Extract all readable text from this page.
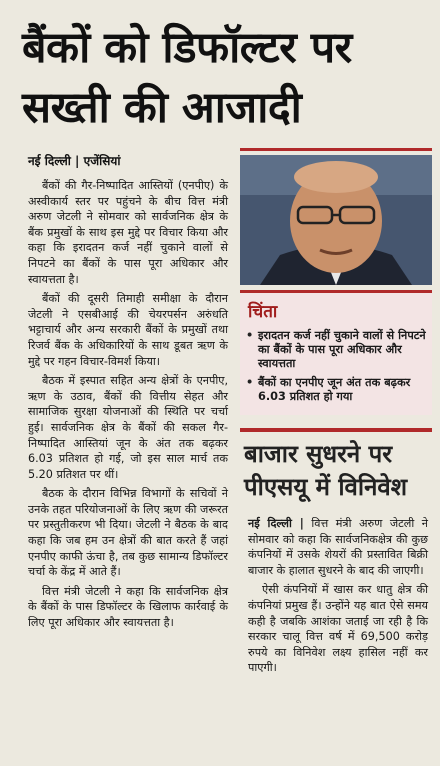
बैंकों को डिफॉल्टर पर
सख्ती की आजादी
नई दिल्ली | एजेंसियां

बैंकों की गैर-निष्पादित आस्तियों (एनपीए) के अस्वीकार्य स्तर पर पहुंचने के बीच वित्त मंत्री अरुण जेटली ने सोमवार को सार्वजनिक क्षेत्र के बैंक प्रमुखों के साथ इस मुद्दे पर विचार किया और कहा कि इरादतन कर्ज नहीं चुकाने वालों से निपटने का बैंकों के पास पूरा अधिकार और स्वायत्तता है।

बैंकों की दूसरी तिमाही समीक्षा के दौरान जेटली ने एसबीआई की चेयरपर्सन अरुंधति भट्टाचार्य और अन्य सरकारी बैंकों के प्रमुखों तथा रिजर्व बैंक के अधिकारियों के साथ डूबत ऋण के मुद्दे पर गहन विचार-विमर्श किया।

बैठक में इस्पात सहित अन्य क्षेत्रों के एनपीए, ऋण के उठाव, बैंकों की वित्तीय सेहत और सामाजिक सुरक्षा योजनाओं की स्थिति पर चर्चा हुई। सार्वजनिक क्षेत्र के बैंकों की सकल गैर-निष्पादित आस्तियां जून के अंत तक बढ़कर 6.03 प्रतिशत हो गई, जो इस साल मार्च तक 5.20 प्रतिशत पर थीं।

बैठक के दौरान विभिन्न विभागों के सचिवों ने उनके तहत परियोजनाओं के लिए ऋण की जरूरत पर प्रस्तुतीकरण भी दिया। जेटली ने बैठक के बाद कहा कि जब हम उन क्षेत्रों की बात करते हैं जहां एनपीए काफी ऊंचा है, तब कुछ सामान्य डिफॉल्टर चर्चा के केंद्र में आते हैं।

वित्त मंत्री जेटली ने कहा कि सार्वजनिक क्षेत्र के बैंकों के पास डिफॉल्टर के खिलाफ कार्रवाई के लिए पूरा अधिकार और स्वायत्तता है।

चिंता
• इरादतन कर्ज नहीं चुकाने वालों से निपटने का बैंकों के पास पूरा अधिकार और स्वायत्तता
• बैंकों का एनपीए जून अंत तक बढ़कर 6.03 प्रतिशत हो गया
बाजार सुधरने पर
पीएसयू में विनिवेश

नई दिल्ली | वित्त मंत्री अरुण जेटली ने सोमवार को कहा कि सार्वजनिकक्षेत्र की कुछ कंपनियों में उसके शेयरों की प्रस्तावित बिक्री बाजार के हालात सुधरने के बाद की जाएगी।

ऐसी कंपनियों में खास कर धातु क्षेत्र की कंपनियां प्रमुख हैं। उन्होंने यह बात ऐसे समय कही है जबकि आशंका जताई जा रही है कि सरकार चालू वित्त वर्ष में 69,500 करोड़ रुपये का विनिवेश लक्ष्य हासिल नहीं कर पाएगी।
